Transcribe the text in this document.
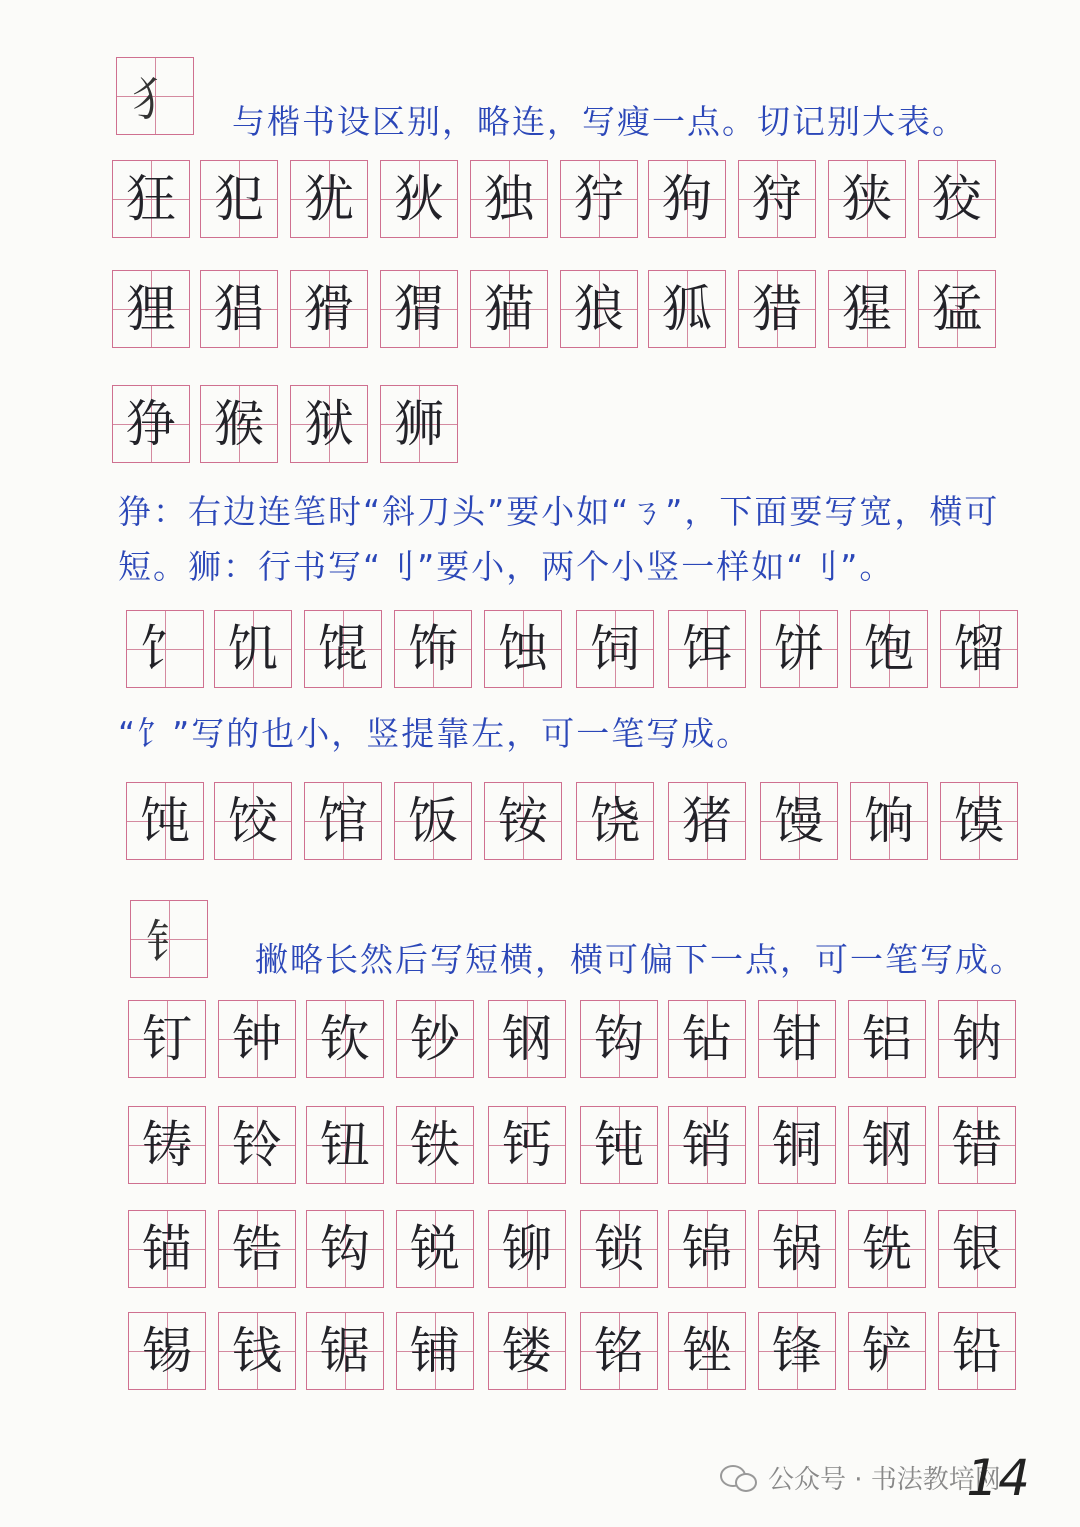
犭	与楷书设区别，略连，写瘦一点。切记别大表。
狂 犯 犹 狄 独 狞 狗 狩 狭 狡
狸 猖 猾 猬 猫 狼 狐 猎 猩 猛
狰 猴 狱 狮
狰：右边连笔时“斜刀头”要小如“ㄋ”，下面要写宽，横可
短。狮：行书写“刂”要小，两个小竖一样如“刂”。
饣 饥 馄 饰 蚀 饲 饵 饼 饱 馏
饨 饺 馆 饭 铵 饶 猪 馒 饷 馍
“饣”写的也小，竖提靠左，可一笔写成。
钅	撇略长然后写短横，横可偏下一点，可一笔写成。
钉 钟 钦 钞 钢 钩 钻 钳 铝 钠
铸 铃 钮 铁 钙 钝 销 铜 钢 错
锚 锆 钩 锐 铆 锁 锦 锅 铣 银
锡 钱 锯 铺 镂 铭 锉 锋 铲 铅
公众号 · 书法教培网
14
